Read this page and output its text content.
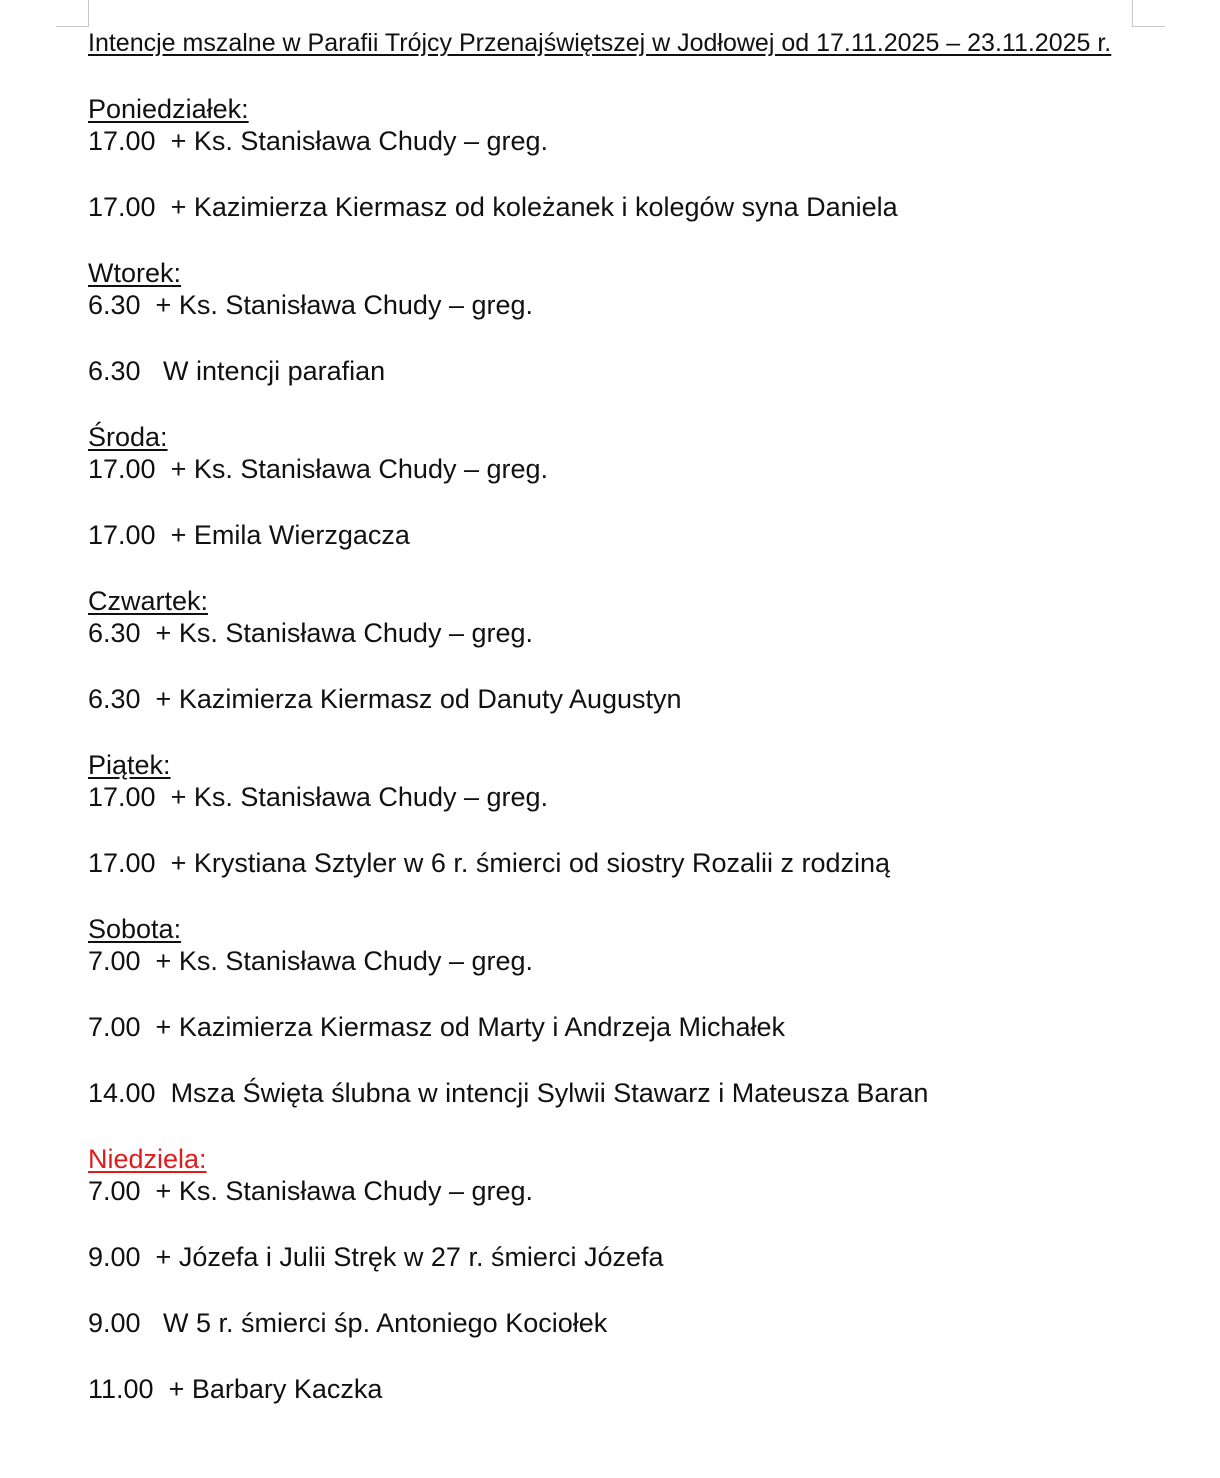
Intencje mszalne w Parafii Trójcy Przenajświętszej w Jodłowej od 17.11.2025 – 23.11.2025 r.
Poniedziałek:
17.00  + Ks. Stanisława Chudy – greg.
17.00  + Kazimierza Kiermasz od koleżanek i kolegów syna Daniela
Wtorek:
6.30  + Ks. Stanisława Chudy – greg.
6.30   W intencji parafian
Środa:
17.00  + Ks. Stanisława Chudy – greg.
17.00  + Emila Wierzgacza
Czwartek:
6.30  + Ks. Stanisława Chudy – greg.
6.30  + Kazimierza Kiermasz od Danuty Augustyn
Piątek:
17.00  + Ks. Stanisława Chudy – greg.
17.00  + Krystiana Sztyler w 6 r. śmierci od siostry Rozalii z rodziną
Sobota:
7.00  + Ks. Stanisława Chudy – greg.
7.00  + Kazimierza Kiermasz od Marty i Andrzeja Michałek
14.00  Msza Święta ślubna w intencji Sylwii Stawarz i Mateusza Baran
Niedziela:
7.00  + Ks. Stanisława Chudy – greg.
9.00  + Józefa i Julii Stręk w 27 r. śmierci Józefa
9.00   W 5 r. śmierci śp. Antoniego Kociołek
11.00  + Barbary Kaczka
